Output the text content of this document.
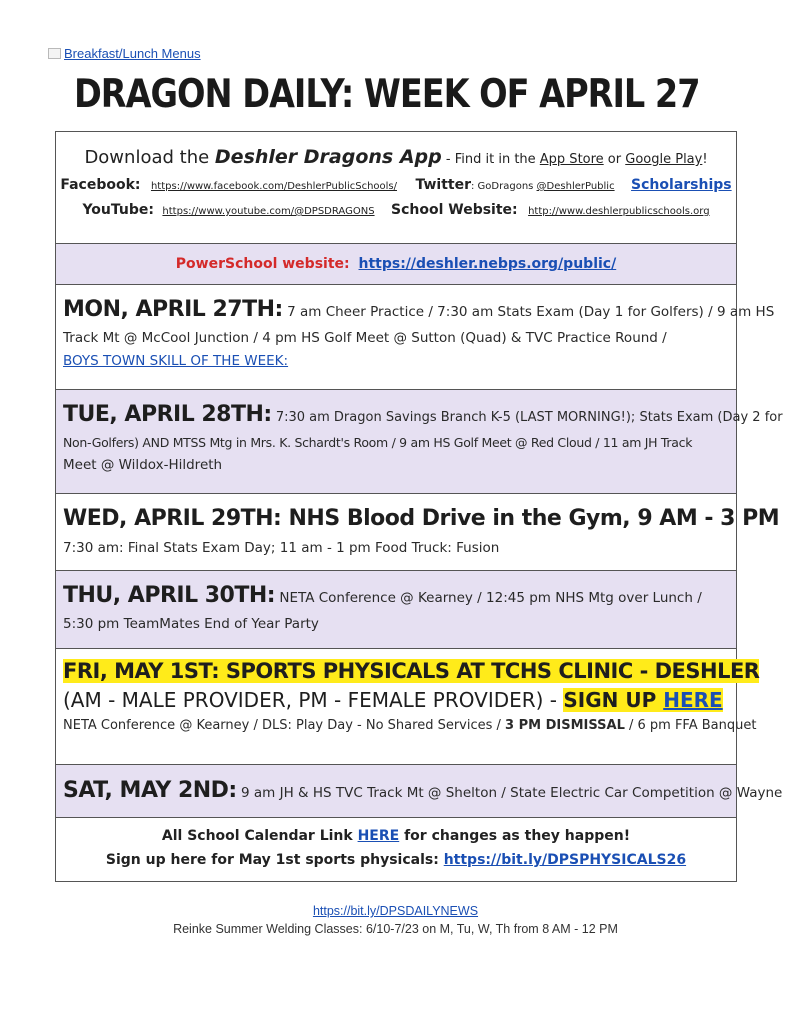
Breakfast/Lunch Menus
DRAGON DAILY: WEEK OF APRIL 27
Download the Deshler Dragons App - Find it in the App Store or Google Play!
Facebook: https://www.facebook.com/DeshlerPublicSchools/ Twitter: GoDragons @DeshlerPublic Scholarships
YouTube: https://www.youtube.com/@DPSDRAGONS School Website: http://www.deshlerpublicschools.org
PowerSchool website: https://deshler.nebps.org/public/
MON, APRIL 27TH: 7 am Cheer Practice / 7:30 am Stats Exam (Day 1 for Golfers) / 9 am HS
Track Mt @ McCool Junction / 4 pm HS Golf Meet @ Sutton (Quad) & TVC Practice Round /
BOYS TOWN SKILL OF THE WEEK:
TUE, APRIL 28TH: 7:30 am Dragon Savings Branch K-5 (LAST MORNING!); Stats Exam (Day 2 for
Non-Golfers) AND MTSS Mtg in Mrs. K. Schardt's Room / 9 am HS Golf Meet @ Red Cloud / 11 am JH Track
Meet @ Wildox-Hildreth
WED, APRIL 29TH: NHS Blood Drive in the Gym, 9 AM - 3 PM
7:30 am: Final Stats Exam Day; 11 am - 1 pm Food Truck: Fusion
THU, APRIL 30TH: NETA Conference @ Kearney / 12:45 pm NHS Mtg over Lunch /
5:30 pm TeamMates End of Year Party
FRI, MAY 1ST: SPORTS PHYSICALS AT TCHS CLINIC - DESHLER
(AM - MALE PROVIDER, PM - FEMALE PROVIDER) - SIGN UP HERE
NETA Conference @ Kearney / DLS: Play Day - No Shared Services / 3 PM DISMISSAL / 6 pm FFA Banquet
SAT, MAY 2ND: 9 am JH & HS TVC Track Mt @ Shelton / State Electric Car Competition @ Wayne
All School Calendar Link HERE for changes as they happen!
Sign up here for May 1st sports physicals: https://bit.ly/DPSPHYSICALS26
https://bit.ly/DPSDAILYNEWS
Reinke Summer Welding Classes: 6/10-7/23 on M, Tu, W, Th from 8 AM - 12 PM
